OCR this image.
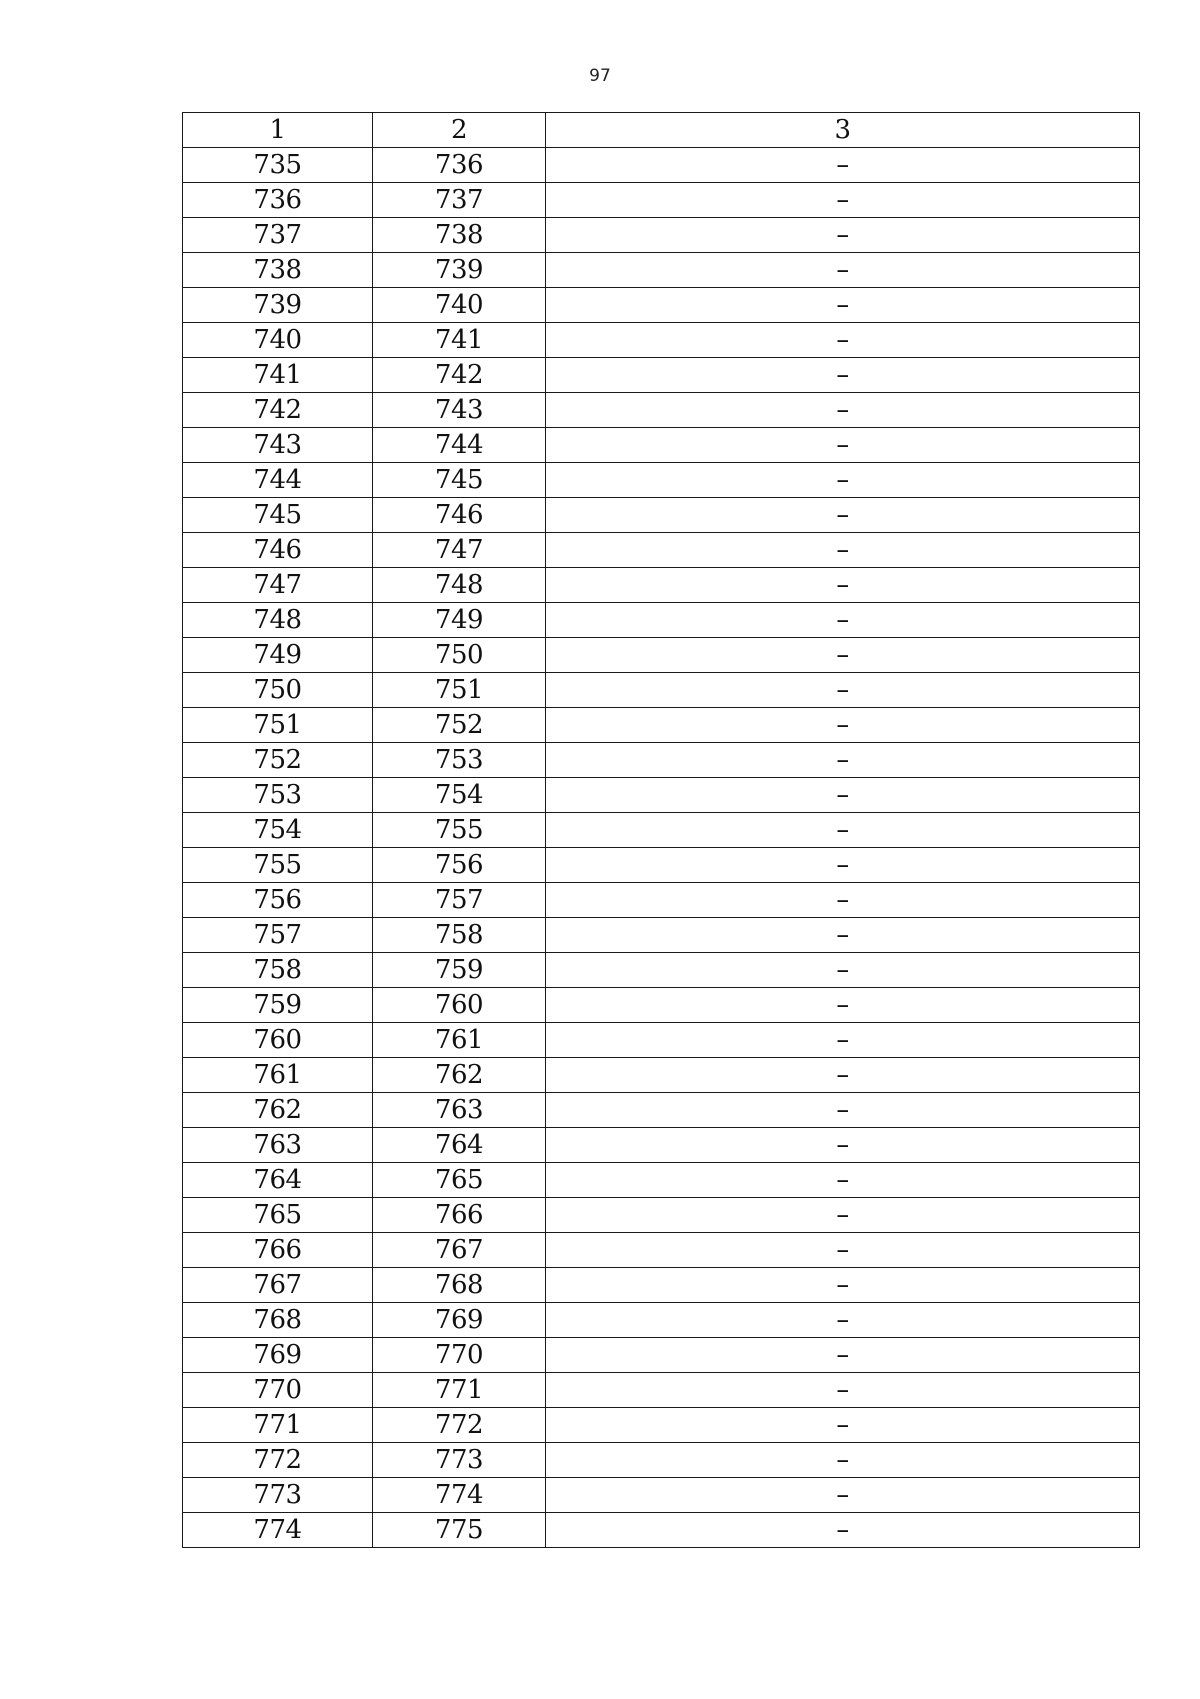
97
1	2	3
735	736	–
736	737	–
737	738	–
738	739	–
739	740	–
740	741	–
741	742	–
742	743	–
743	744	–
744	745	–
745	746	–
746	747	–
747	748	–
748	749	–
749	750	–
750	751	–
751	752	–
752	753	–
753	754	–
754	755	–
755	756	–
756	757	–
757	758	–
758	759	–
759	760	–
760	761	–
761	762	–
762	763	–
763	764	–
764	765	–
765	766	–
766	767	–
767	768	–
768	769	–
769	770	–
770	771	–
771	772	–
772	773	–
773	774	–
774	775	–
